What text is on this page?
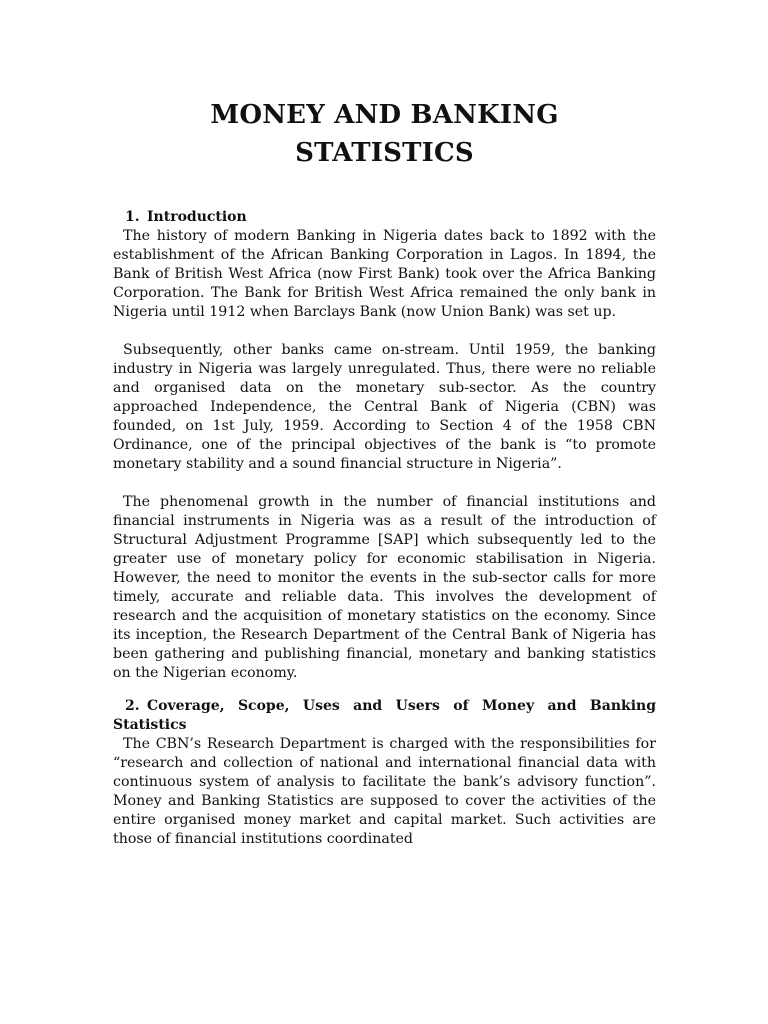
MONEY AND BANKING
STATISTICS
1. Introduction

The history of modern Banking in Nigeria dates back to 1892 with the establishment of the African Banking Corporation in Lagos. In 1894, the Bank of British West Africa (now First Bank) took over the Africa Banking Corporation. The Bank for British West Africa remained the only bank in Nigeria until 1912 when Barclays Bank (now Union Bank) was set up.

Subsequently, other banks came on-stream. Until 1959, the banking industry in Nigeria was largely unregulated. Thus, there were no reliable and organised data on the monetary sub-sector. As the country approached Independence, the Central Bank of Nigeria (CBN) was founded, on 1st July, 1959. According to Section 4 of the 1958 CBN Ordinance, one of the principal objectives of the bank is “to promote monetary stability and a sound financial structure in Nigeria”.

The phenomenal growth in the number of financial institutions and financial instruments in Nigeria was as a result of the introduction of Structural Adjustment Programme [SAP] which subsequently led to the greater use of monetary policy for economic stabilisation in Nigeria. However, the need to monitor the events in the sub-sector calls for more timely, accurate and reliable data. This involves the development of research and the acquisition of monetary statistics on the economy. Since its inception, the Research Department of the Central Bank of Nigeria has been gathering and publishing financial, monetary and banking statistics on the Nigerian economy.

2. Coverage, Scope, Uses and Users of Money and Banking Statistics

The CBN’s Research Department is charged with the responsibilities for “research and collection of national and international financial data with continuous system of analysis to facilitate the bank’s advisory function”. Money and Banking Statistics are supposed to cover the activities of the entire organised money market and capital market. Such activities are those of financial institutions coordinated
